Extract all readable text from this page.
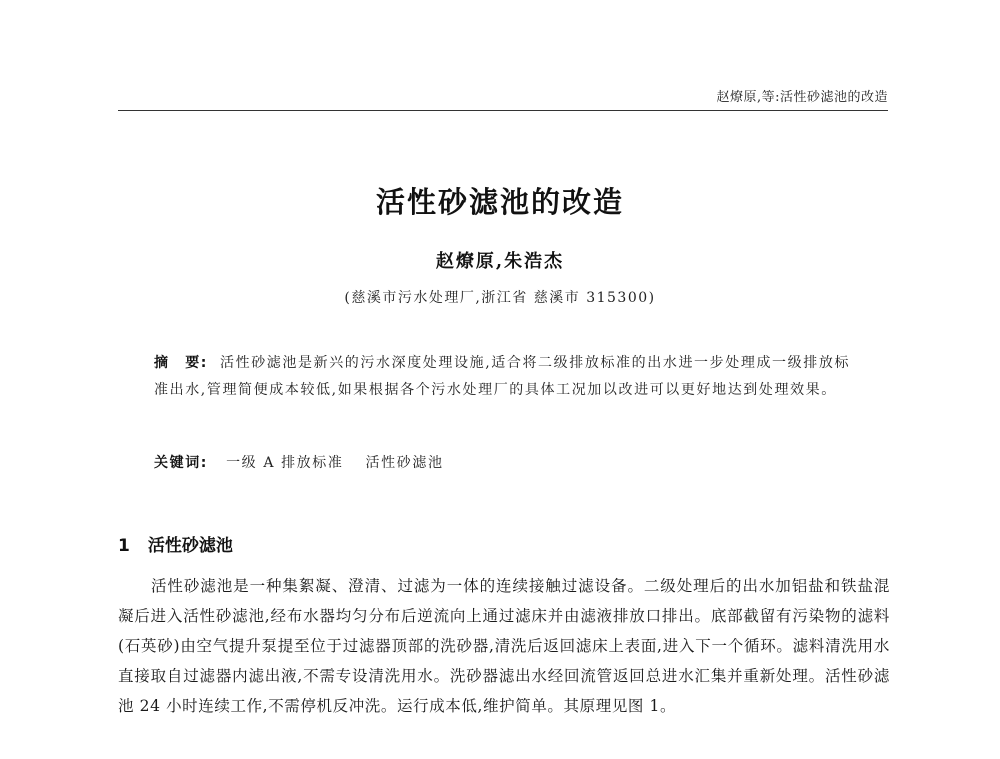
赵燎原,等:活性砂滤池的改造
活性砂滤池的改造
赵燎原,朱浩杰
(慈溪市污水处理厂,浙江省 慈溪市 315300)
摘　要: 活性砂滤池是新兴的污水深度处理设施,适合将二级排放标准的出水进一步处理成一级排放标准出水,管理简便成本较低,如果根据各个污水处理厂的具体工况加以改进可以更好地达到处理效果。
关键词: 一级 A 排放标准 活性砂滤池
1 活性砂滤池

活性砂滤池是一种集絮凝、澄清、过滤为一体的连续接触过滤设备。二级处理后的出水加铝盐和铁盐混凝后进入活性砂滤池,经布水器均匀分布后逆流向上通过滤床并由滤液排放口排出。底部截留有污染物的滤料(石英砂)由空气提升泵提至位于过滤器顶部的洗砂器,清洗后返回滤床上表面,进入下一个循环。滤料清洗用水直接取自过滤器内滤出液,不需专设清洗用水。洗砂器滤出水经回流管返回总进水汇集并重新处理。活性砂滤池 24 小时连续工作,不需停机反冲洗。运行成本低,维护简单。其原理见图 1。
